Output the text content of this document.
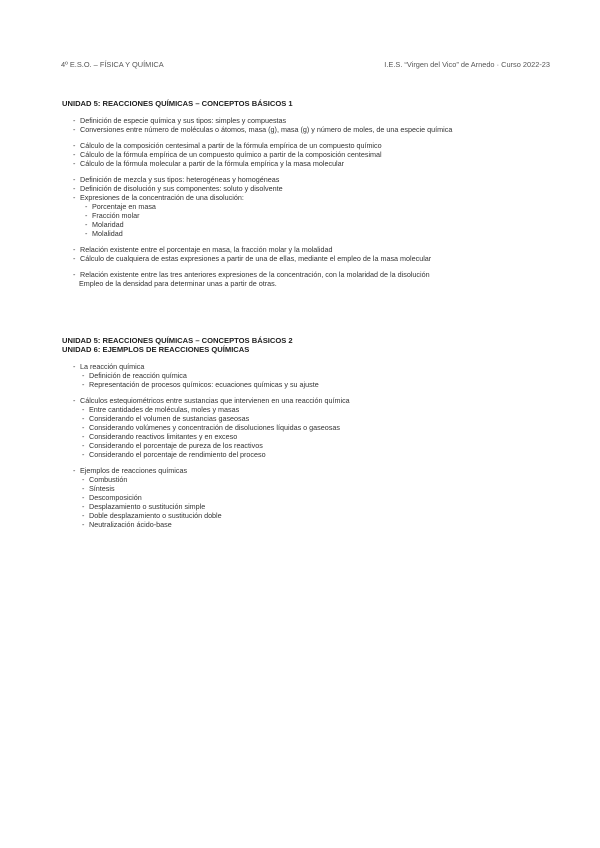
4º E.S.O. – FÍSICA Y QUÍMICA	I.E.S. “Virgen del Vico” de Arnedo · Curso 2022-23
UNIDAD 5: REACCIONES QUÍMICAS – CONCEPTOS BÁSICOS 1
- Definición de especie química y sus tipos: simples y compuestas
- Conversiones entre número de moléculas o átomos, masa (g), masa (g) y número de moles, de una especie química
- Cálculo de la composición centesimal a partir de la fórmula empírica de un compuesto químico
- Cálculo de la fórmula empírica de un compuesto químico a partir de la composición centesimal
- Cálculo de la fórmula molecular a partir de la fórmula empírica y la masa molecular
- Definición de mezcla y sus tipos: heterogéneas y homogéneas
- Definición de disolución y sus componentes: soluto y disolvente
- Expresiones de la concentración de una disolución:
- Porcentaje en masa
- Fracción molar
- Molaridad
- Molalidad
- Relación existente entre el porcentaje en masa, la fracción molar y la molalidad
- Cálculo de cualquiera de estas expresiones a partir de una de ellas, mediante el empleo de la masa molecular
- Relación existente entre las tres anteriores expresiones de la concentración, con la molaridad de la disolución
Empleo de la densidad para determinar unas a partir de otras.
UNIDAD 5: REACCIONES QUÍMICAS – CONCEPTOS BÁSICOS 2
UNIDAD 6: EJEMPLOS DE REACCIONES QUÍMICAS
- La reacción química
- Definición de reacción química
- Representación de procesos químicos: ecuaciones químicas y su ajuste
- Cálculos estequiométricos entre sustancias que intervienen en una reacción química
- Entre cantidades de moléculas, moles y masas
- Considerando el volumen de sustancias gaseosas
- Considerando volúmenes y concentración de disoluciones líquidas o gaseosas
- Considerando reactivos limitantes y en exceso
- Considerando el porcentaje de pureza de los reactivos
- Considerando el porcentaje de rendimiento del proceso
- Ejemplos de reacciones químicas
- Combustión
- Síntesis
- Descomposición
- Desplazamiento o sustitución simple
- Doble desplazamiento o sustitución doble
- Neutralización ácido-base
